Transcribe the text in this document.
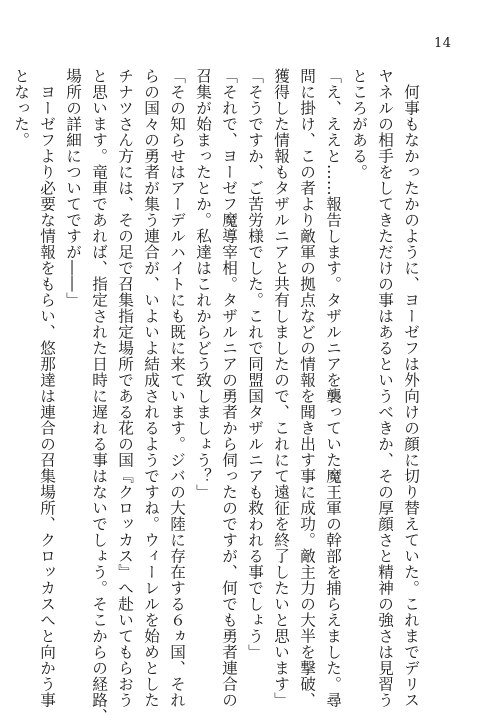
14
　何事もなかったかのように、ヨーゼフは外向けの顔に切り替えていた。これまでデリス
ヤネルの相手をしてきただけの事はあるというべきか、その厚顔さと精神の強さは見習う
ところがある。
「え、ええと……報告します。タザルニアを襲っていた魔王軍の幹部を捕らえました。尋
問に掛け、この者より敵軍の拠点などの情報を聞き出す事に成功。敵主力の大半を撃破、
獲得した情報もタザルニアと共有しましたので、これにて遠征を終了したいと思います」
「そうですか、ご苦労様でした。これで同盟国タザルニアも救われる事でしょう」
「それで、ヨーゼフ魔導宰相。タザルニアの勇者から伺ったのですが、何でも勇者連合の
召集が始まったとか。私達はこれからどう致しましょう？」
「その知らせはアーデルハイトにも既に来ています。ジバの大陸に存在する６ヵ国、それ
らの国々の勇者が集う連合が、いよいよ結成されるようですね。ウィーレルを始めとした
チナツさん方には、その足で召集指定場所である花の国『クロッカス』へ赴いてもらおう
と思います。竜車であれば、指定された日時に遅れる事はないでしょう。そこからの経路、
場所の詳細についてですが――」
　ヨーゼフより必要な情報をもらい、悠那達は連合の召集場所、クロッカスへと向かう事
となった。
